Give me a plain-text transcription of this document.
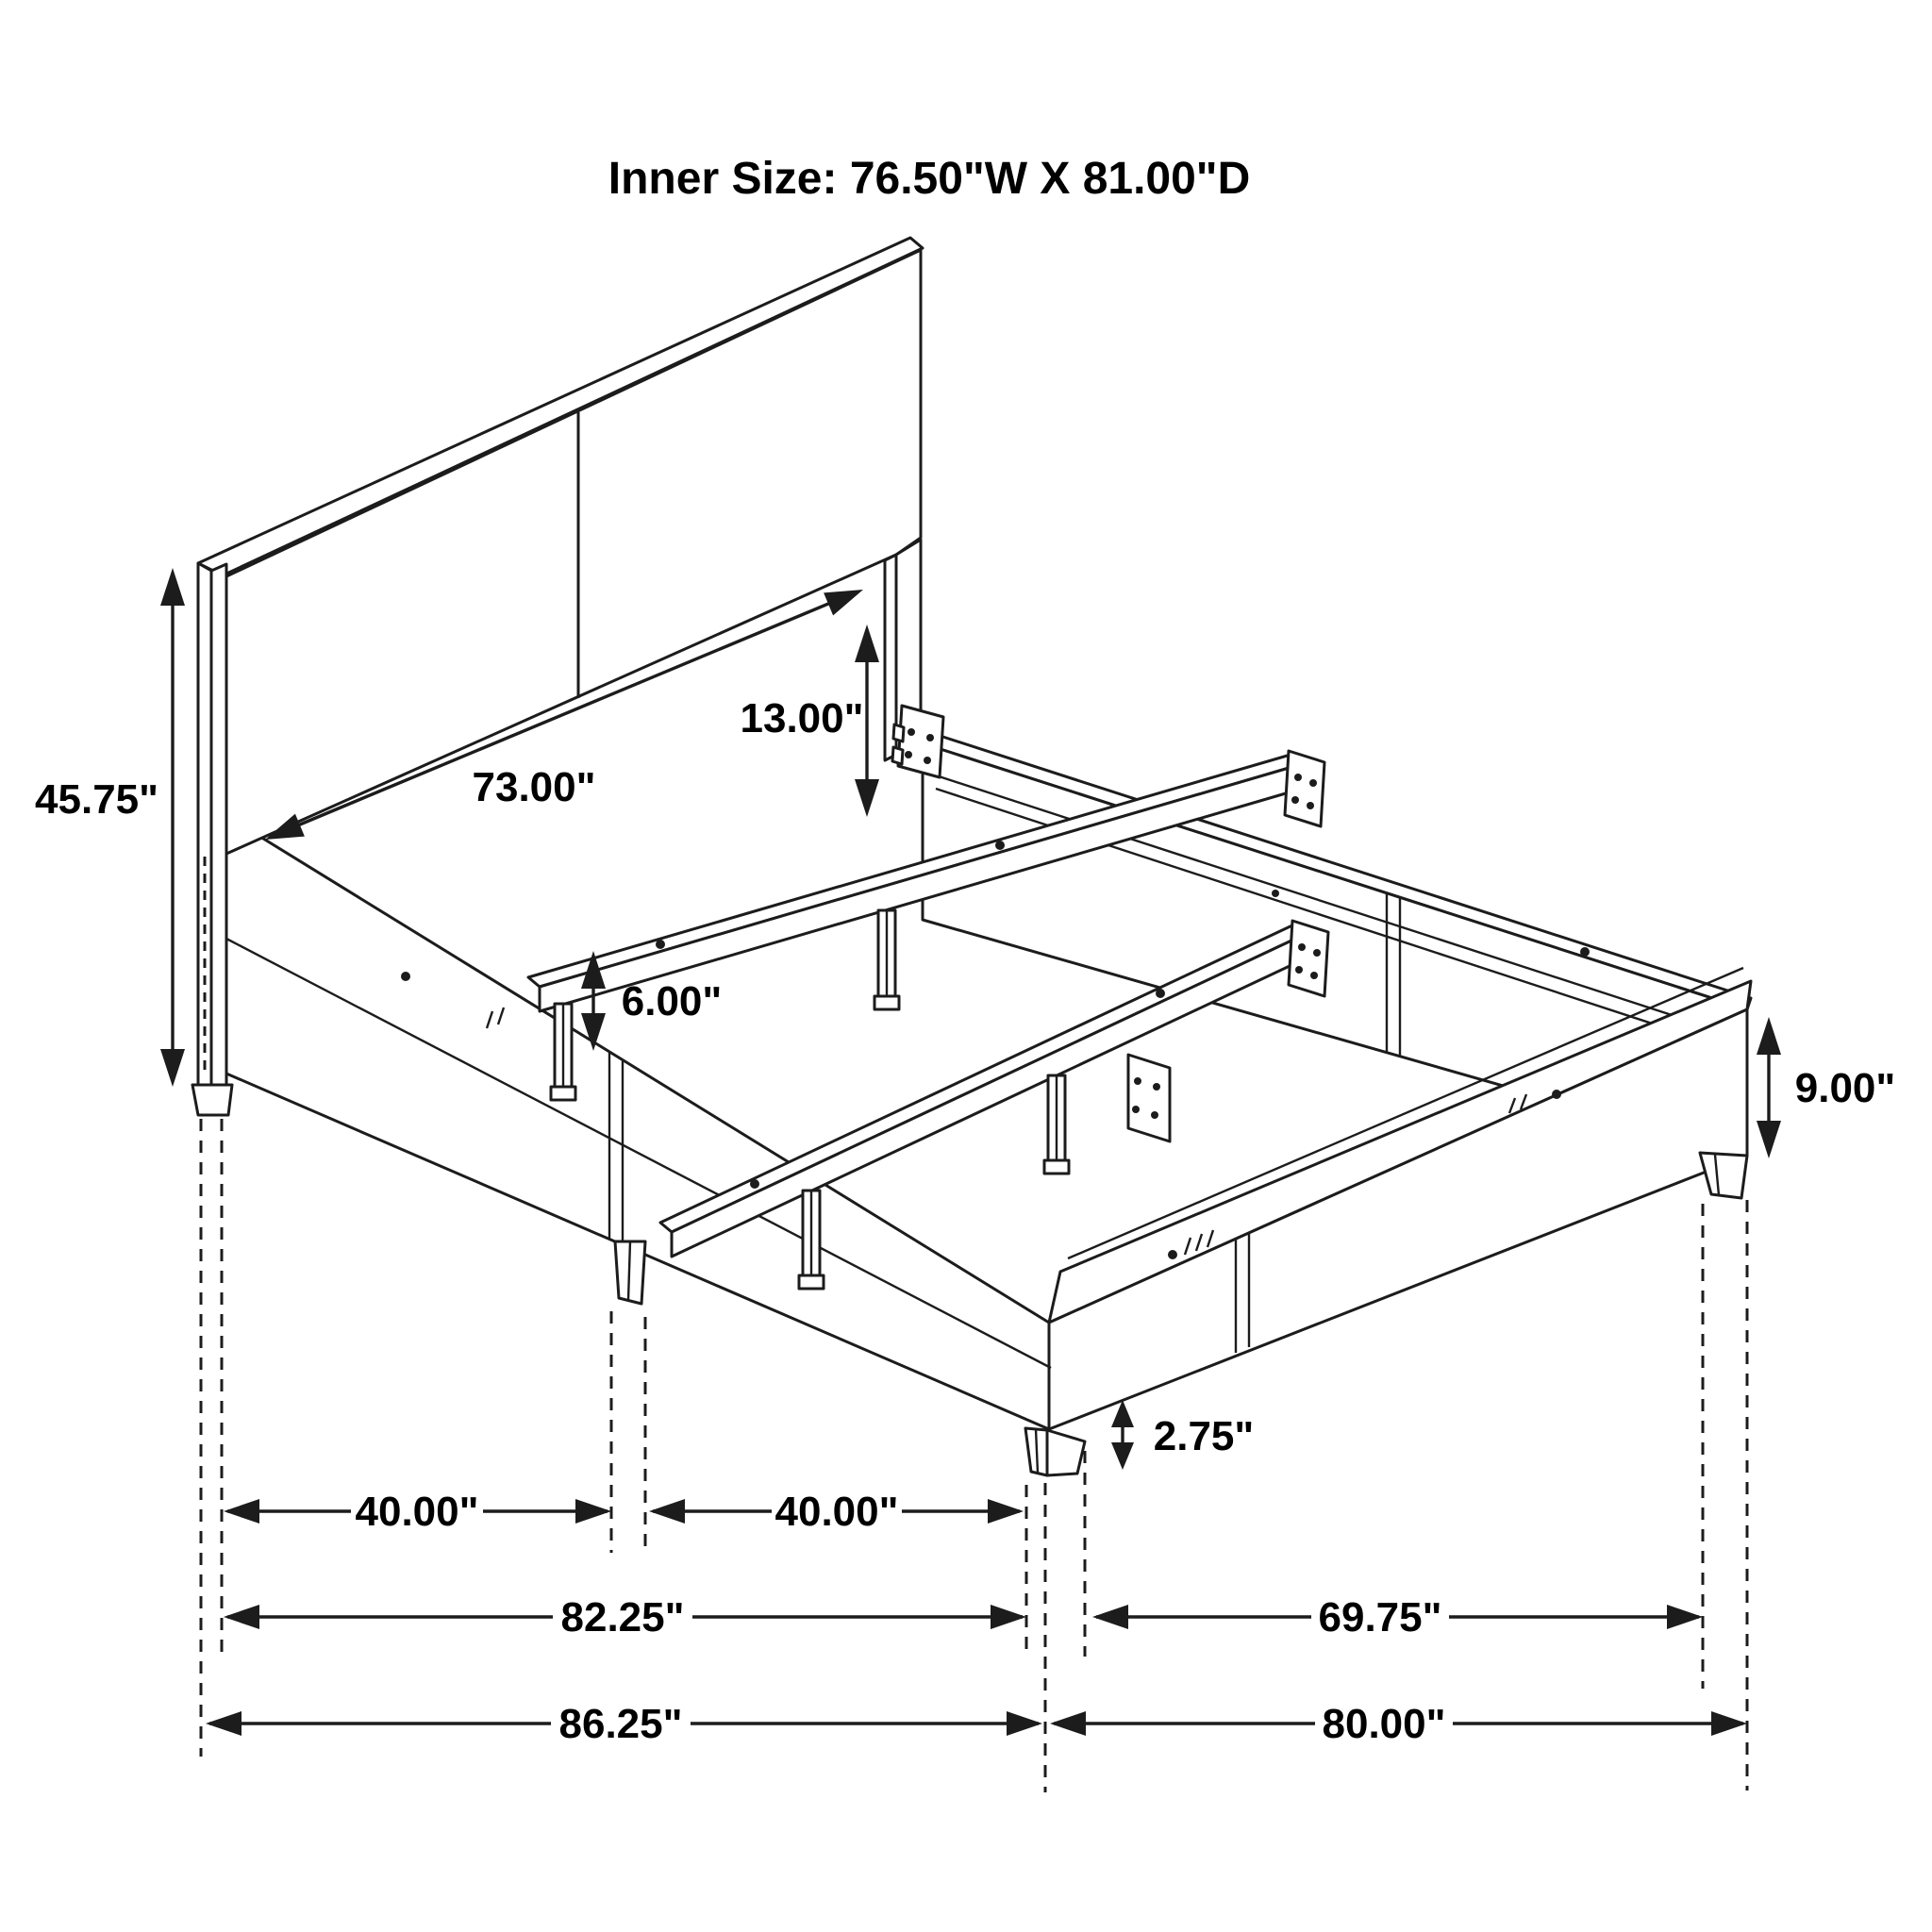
Inner Size: 76.50"W X 81.00"D
45.75"	73.00"
13.00"
6.00"
9.00"
2.75"
40.00"	40.00"
82.25"	69.75"
86.25"	80.00"
